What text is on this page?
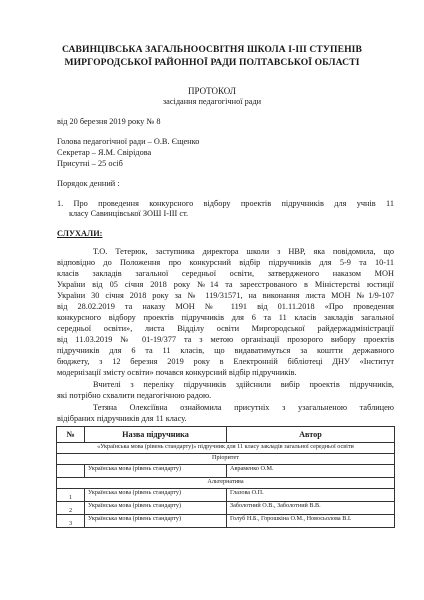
САВИНЦІВСЬКА ЗАГАЛЬНООСВІТНЯ ШКОЛА І-ІІІ СТУПЕНІВ
МИРГОРОДСЬКОЇ РАЙОННОЇ РАДИ ПОЛТАВСЬКОЇ ОБЛАСТІ
ПРОТОКОЛ
засідання педагогічної ради
від 20 березня 2019 року № 8
Голова педагогічної ради – О.В. Єщенко
Секретар – Я.М. Свірідова
Присутні – 25 осіб
Порядок денний :
1. Про проведення конкурсного відбору проектів підручників для учнів 11
класу Савинцівської ЗОШ І-ІІІ ст.
СЛУХАЛИ:
Т.О. Тетерюк, заступника директора школи з НВР, яка повідомила, що
відповідно до Положення про конкурсний відбір підручників для 5-9 та 10-11
класів закладів загальної середньої освіти, затвердженого наказом МОН
України від 05 січня 2018 року №14 та зареєстрованого в Міністерстві юстиції
України 30 січня 2018 року за № 119/31571, на виконання листа МОН №1/9-107
від 28.02.2019 та наказу МОН № 1191 від 01.11.2018 «Про проведення
конкурсного відбору проектів підручників для 6 та 11 класів закладів загальної
середньої освіти», листа Відділу освіти Миргородської райдержадміністрації
від 11.03.2019 № 01-19/377 та з метою організації прозорого вибору проектів
підручників для 6 та 11 класів, що видаватимуться за коштти державного
бюджету, з 12 березня 2019 року в Електронній бібліотеці ДНУ «Інститут
модернізації змісту освіти» почався конкурсний відбір підручників.
Вчителі з переліку підручників здійснили вибір проектів підручників,
які потрібно схвалити педагогічною радою.
Тетяна Олексіївна ознайомила присутніх з узагальненою таблицею
відібраних підручників для 11 класу.
№	Назва підручника	Автор
«Українська мова (рівень стандарту)» підручник для 11 класу закладів загальної середньої освіти		
Пріоритет		
	Українська мова (рівень стандарту)	Авраменко О.М.
Альтернатива		
1	Українська мова (рівень стандарту)	Глазова О.П.
2	Українська мова (рівень стандарту)	Заболотний О.В., Заболотний В.В.
3	Українська мова (рівень стандарту)	Голуб Н.Б., Горошкіна О.М., Новосьолова В.І.
